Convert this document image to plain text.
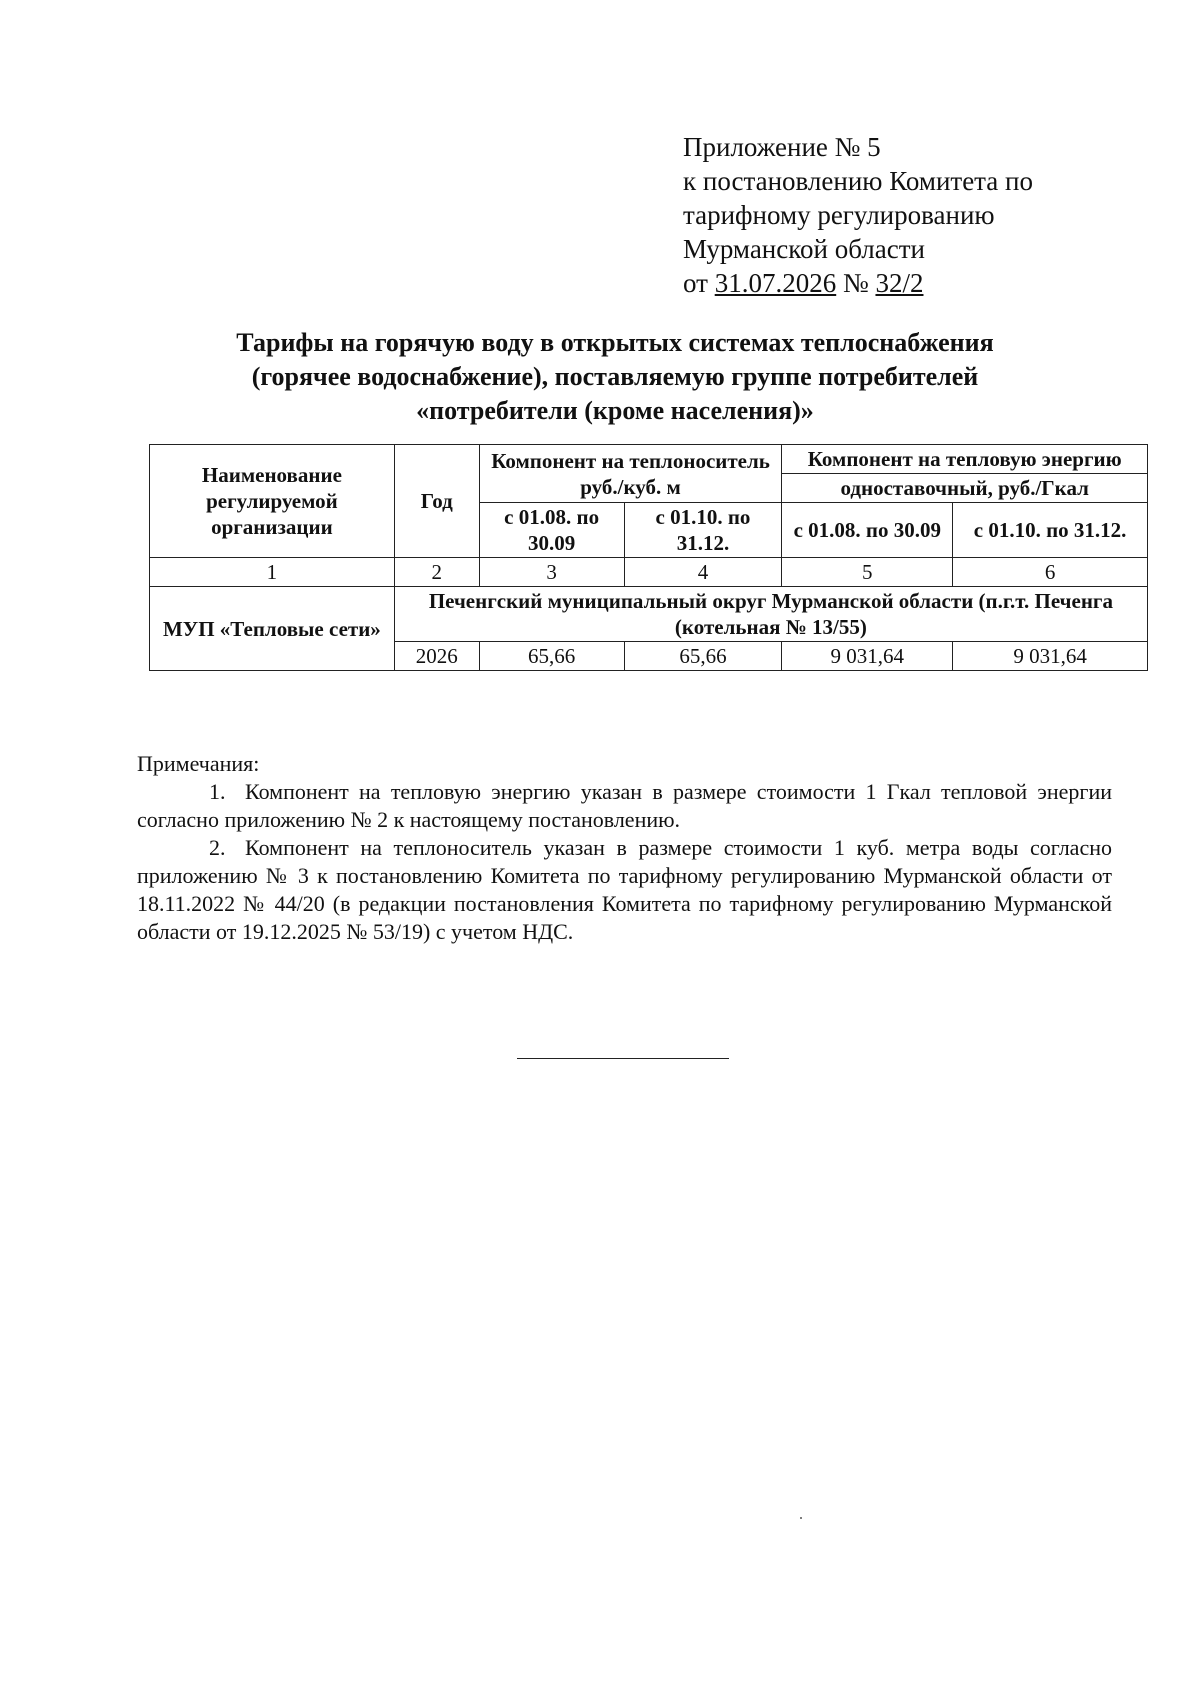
Приложение № 5
к постановлению Комитета по
тарифному регулированию
Мурманской области
от 31.07.2026 № 32/2
Тарифы на горячую воду в открытых системах теплоснабжения
(горячее водоснабжение), поставляемую группе потребителей
«потребители (кроме населения)»
Наименование регулируемой организации	Год	Компонент на теплоноситель руб./куб. м		Компонент на тепловую энергию	
				одноставочный, руб./Гкал	
		с 01.08. по 30.09	с 01.10. по 31.12.	с 01.08. по 30.09	с 01.10. по 31.12.
1	2	3	4	5	6
МУП «Тепловые сети»	Печенгский муниципальный округ Мурманской области (п.г.т. Печенга (котельная № 13/55)				
	2026	65,66	65,66	9 031,64	9 031,64
Примечания:

1. Компонент на тепловую энергию указан в размере стоимости 1 Гкал тепловой энергии согласно приложению № 2 к настоящему постановлению.

2. Компонент на теплоноситель указан в размере стоимости 1 куб. метра воды согласно приложению № 3 к постановлению Комитета по тарифному регулированию Мурманской области от 18.11.2022 № 44/20 (в редакции постановления Комитета по тарифному регулированию Мурманской области от 19.12.2025 № 53/19) с учетом НДС.
